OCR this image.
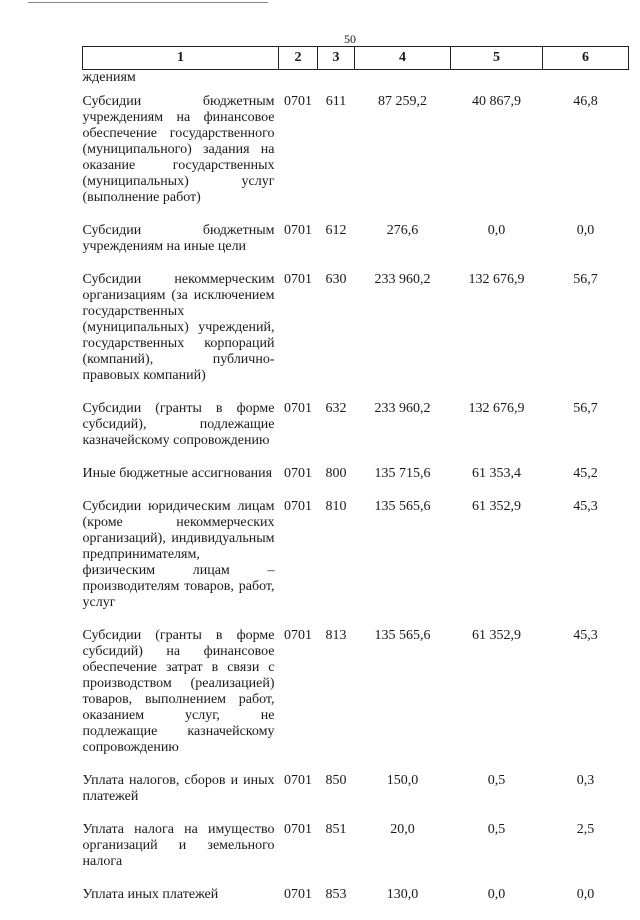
50
1	2	3	4	5	6
ждениям					
Субсидии бюджетным учреждениям на финансовое обеспечение государственного (муниципального) задания на оказание государственных (муниципальных) услуг (выполнение работ)	0701	611	87 259,2	40 867,9	46,8
Субсидии бюджетным учреждениям на иные цели	0701	612	276,6	0,0	0,0
Субсидии некоммерческим организациям (за исключением государственных (муниципальных) учреждений, государственных корпораций (компаний), публично-правовых компаний)	0701	630	233 960,2	132 676,9	56,7
Субсидии (гранты в форме субсидий), подлежащие казначейскому сопровождению	0701	632	233 960,2	132 676,9	56,7
Иные бюджетные ассигнования	0701	800	135 715,6	61 353,4	45,2
Субсидии юридическим лицам (кроме некоммерческих организаций), индивидуальным предпринимателям, физическим лицам – производителям товаров, работ, услуг	0701	810	135 565,6	61 352,9	45,3
Субсидии (гранты в форме субсидий) на финансовое обеспечение затрат в связи с производством (реализацией) товаров, выполнением работ, оказанием услуг, не подлежащие казначейскому сопровождению	0701	813	135 565,6	61 352,9	45,3
Уплата налогов, сборов и иных платежей	0701	850	150,0	0,5	0,3
Уплата налога на имущество организаций и земельного налога	0701	851	20,0	0,5	2,5
Уплата иных платежей	0701	853	130,0	0,0	0,0
